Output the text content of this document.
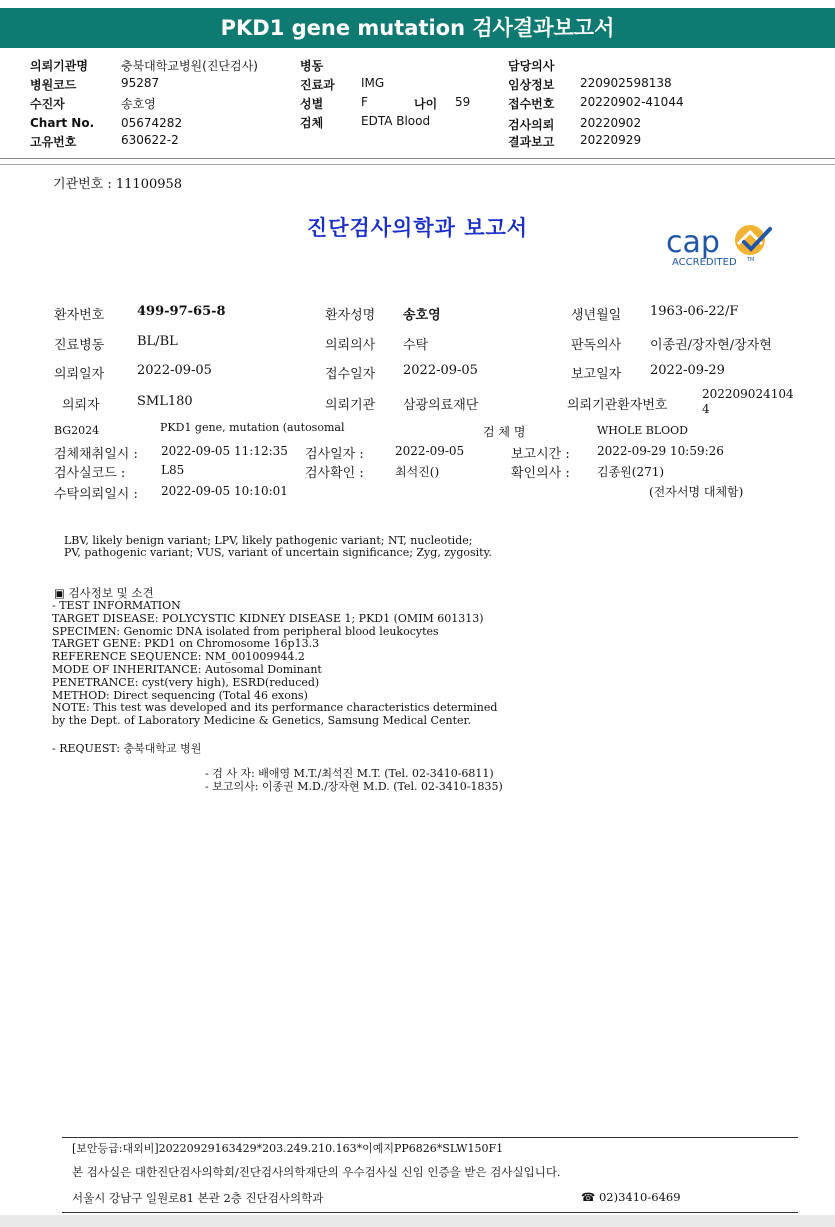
PKD1 gene mutation 검사결과보고서
의뢰기관명	충북대학교병원(진단검사)
병원코드	95287
수진자	송호영
Chart No. 05674282
고유번호	630622-2
병동
진료과 IMG
성별	F	나이 59
검체	EDTA Blood
담당의사
임상정보 220902598138
접수번호 20220902-41044
검사의뢰 20220902
결과보고 20220929
기관번호 : 11100958
진단검사의학과 보고서	cap
ACCREDITED TM
환자번호	499-97-65-8	환자성명 송호영	생년월일 1963-06-22/F
진료병동	BL/BL	의뢰의사 수탁	판독의사 이종권/장자현/장자현
의뢰일자	2022-09-05	접수일자 2022-09-05	보고일자 2022-09-29
의뢰자	SML180	의뢰기관 삼광의료재단	의뢰기관환자번호
202209024104
4
BG2024	PKD1 gene, mutation (autosomal	검 체 명	WHOLE BLOOD
검체채취일시 : 2022-09-05 11:12:35 검사일자 :	2022-09-05	보고시간 : 2022-09-29 10:59:26
검사실코드 :	L85	검사확인 :	최석진()	확인의사 : 김종원(271)
수탁의뢰일시 : 2022-09-05 10:10:01	(전자서명 대체함)
LBV, likely benign variant; LPV, likely pathogenic variant; NT, nucleotide;
PV, pathogenic variant; VUS, variant of uncertain significance; Zyg, zygosity.
▣ 검사정보 및 소견
- TEST INFORMATION
TARGET DISEASE: POLYCYSTIC KIDNEY DISEASE 1; PKD1 (OMIM 601313)
SPECIMEN: Genomic DNA isolated from peripheral blood leukocytes
TARGET GENE: PKD1 on Chromosome 16p13.3
REFERENCE SEQUENCE: NM_001009944.2
MODE OF INHERITANCE: Autosomal Dominant
PENETRANCE: cyst(very high), ESRD(reduced)
METHOD: Direct sequencing (Total 46 exons)
NOTE: This test was developed and its performance characteristics determined
by the Dept. of Laboratory Medicine & Genetics, Samsung Medical Center.
- REQUEST: 충북대학교 병원
- 검 사 자: 배애영 M.T./최석진 M.T. (Tel. 02-3410-6811)
- 보고의사: 이종권 M.D./장자현 M.D. (Tel. 02-3410-1835)
[보안등급:대외비]20220929163429*203.249.210.163*이예지PP6826*SLW150F1
본 검사실은 대한진단검사의학회/진단검사의학재단의 우수검사실 신임 인증을 받은 검사실입니다.
서울시 강남구 일원로81 본관 2층 진단검사의학과	☎ 02)3410-6469
